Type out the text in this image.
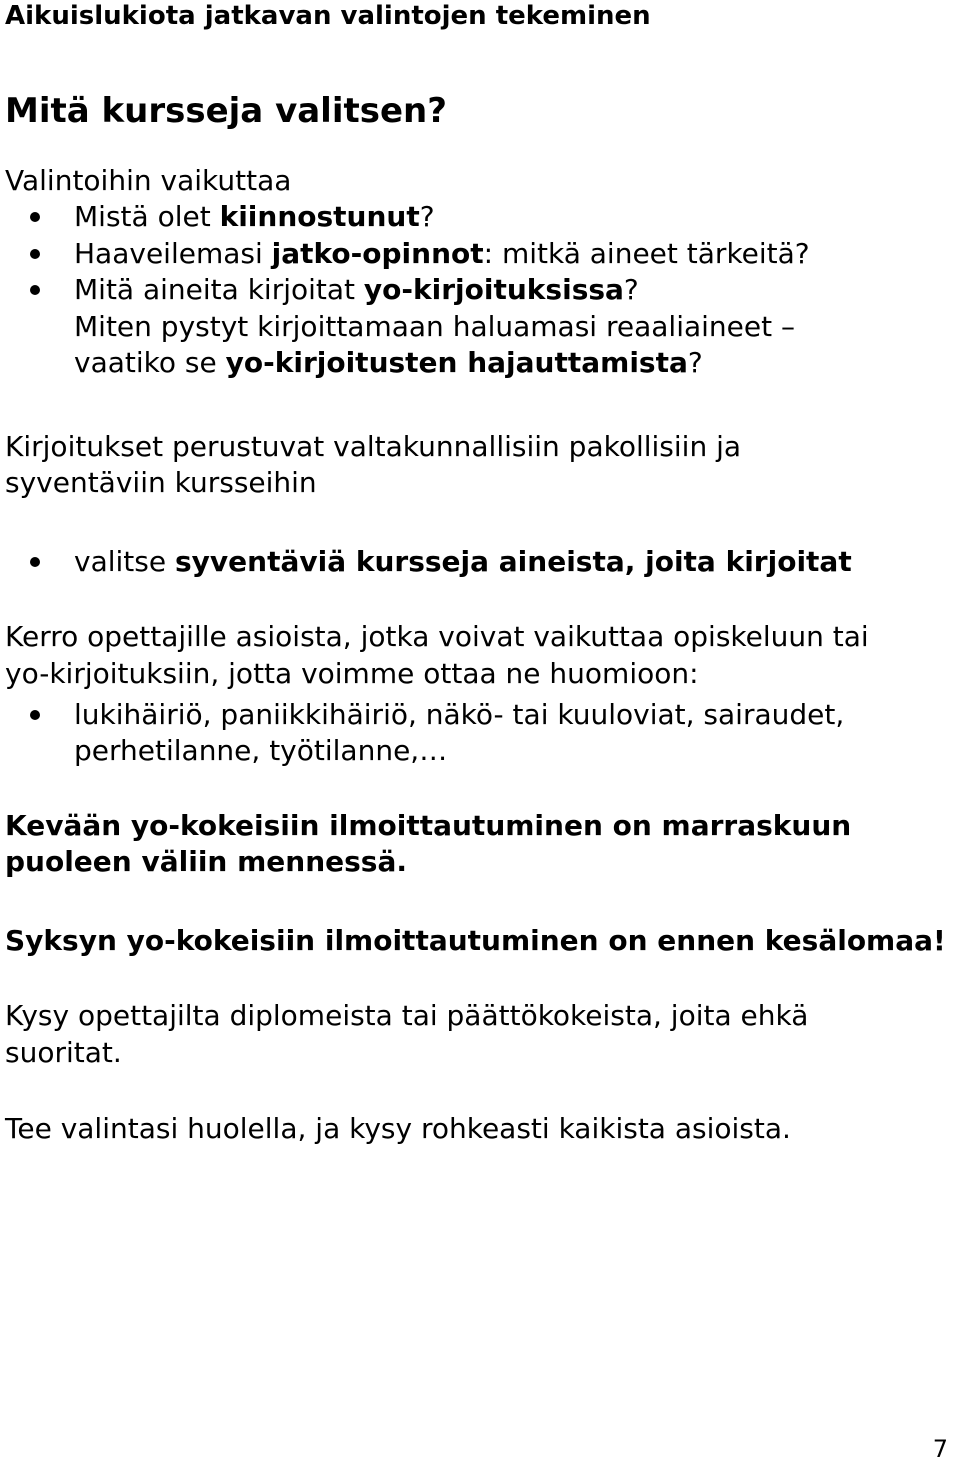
Aikuislukiota jatkavan valintojen tekeminen
Mitä kursseja valitsen?
Valintoihin vaikuttaa
Mistä olet kiinnostunut?
Haaveilemasi jatko-opinnot: mitkä aineet tärkeitä?
Mitä aineita kirjoitat yo-kirjoituksissa?
Miten pystyt kirjoittamaan haluamasi reaaliaineet –
vaatiko se yo-kirjoitusten hajauttamista?
Kirjoitukset perustuvat valtakunnallisiin pakollisiin ja
syventäviin kursseihin
valitse syventäviä kursseja aineista, joita kirjoitat
Kerro opettajille asioista, jotka voivat vaikuttaa opiskeluun tai
yo-kirjoituksiin, jotta voimme ottaa ne huomioon:
lukihäiriö, paniikkihäiriö, näkö- tai kuuloviat, sairaudet,
perhetilanne, työtilanne,…
Kevään yo-kokeisiin ilmoittautuminen on marraskuun
puoleen väliin mennessä.
Syksyn yo-kokeisiin ilmoittautuminen on ennen kesälomaa!
Kysy opettajilta diplomeista tai päättökokeista, joita ehkä
suoritat.
Tee valintasi huolella, ja kysy rohkeasti kaikista asioista.
7
